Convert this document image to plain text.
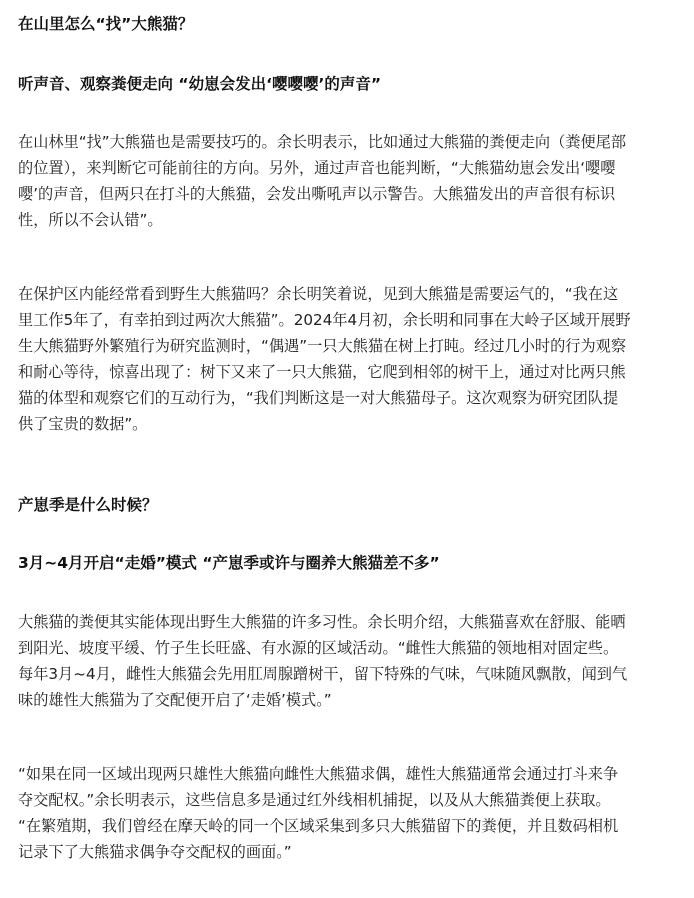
在山里怎么“找”大熊猫？
听声音、观察粪便走向 “幼崽会发出‘嘤嘤嘤’的声音”
在山林里“找”大熊猫也是需要技巧的。余长明表示，比如通过大熊猫的粪便走向（粪便尾部
的位置），来判断它可能前往的方向。另外，通过声音也能判断，“大熊猫幼崽会发出‘嘤嘤
嘤’的声音，但两只在打斗的大熊猫，会发出嘶吼声以示警告。大熊猫发出的声音很有标识
性，所以不会认错”。
在保护区内能经常看到野生大熊猫吗？余长明笑着说，见到大熊猫是需要运气的，“我在这
里工作5年了，有幸拍到过两次大熊猫”。2024年4月初，余长明和同事在大岭子区域开展野
生大熊猫野外繁殖行为研究监测时，“偶遇”一只大熊猫在树上打盹。经过几小时的行为观察
和耐心等待，惊喜出现了：树下又来了一只大熊猫，它爬到相邻的树干上，通过对比两只熊
猫的体型和观察它们的互动行为，“我们判断这是一对大熊猫母子。这次观察为研究团队提
供了宝贵的数据”。
产崽季是什么时候？
3月~4月开启“走婚”模式 “产崽季或许与圈养大熊猫差不多”
大熊猫的粪便其实能体现出野生大熊猫的许多习性。余长明介绍，大熊猫喜欢在舒服、能晒
到阳光、坡度平缓、竹子生长旺盛、有水源的区域活动。“雌性大熊猫的领地相对固定些。
每年3月~4月，雌性大熊猫会先用肛周腺蹭树干，留下特殊的气味，气味随风飘散，闻到气
味的雄性大熊猫为了交配便开启了‘走婚’模式。”
“如果在同一区域出现两只雄性大熊猫向雌性大熊猫求偶，雄性大熊猫通常会通过打斗来争
夺交配权。”余长明表示，这些信息多是通过红外线相机捕捉，以及从大熊猫粪便上获取。
“在繁殖期，我们曾经在摩天岭的同一个区域采集到多只大熊猫留下的粪便，并且数码相机
记录下了大熊猫求偶争夺交配权的画面。”
